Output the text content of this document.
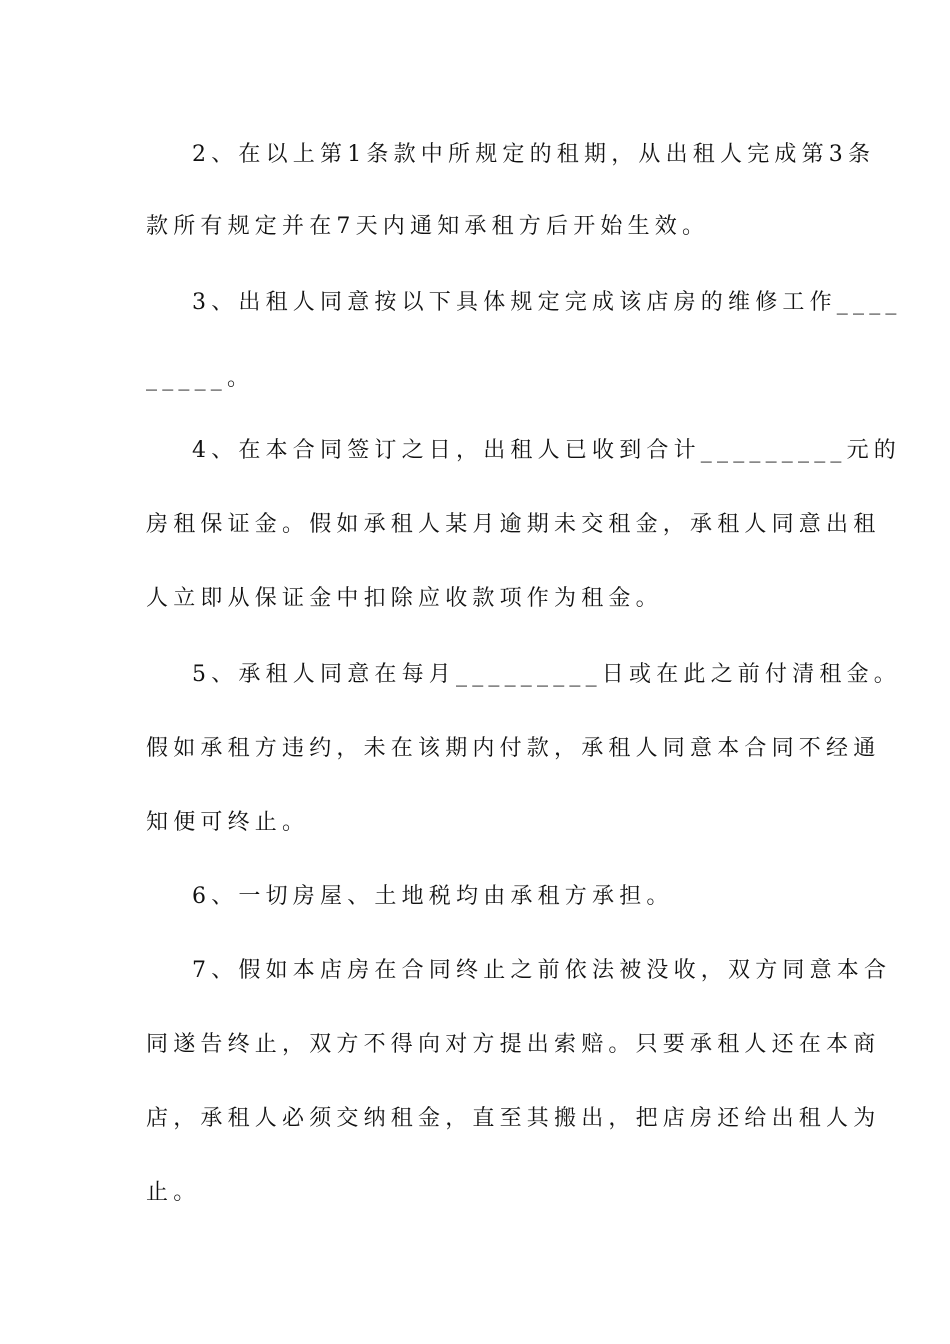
2、在以上第1条款中所规定的租期，从出租人完成第3条
款所有规定并在7天内通知承租方后开始生效。
3、出租人同意按以下具体规定完成该店房的维修工作____
_____。
4、在本合同签订之日，出租人已收到合计_________元的
房租保证金。假如承租人某月逾期未交租金，承租人同意出租
人立即从保证金中扣除应收款项作为租金。
5、承租人同意在每月_________日或在此之前付清租金。
假如承租方违约，未在该期内付款，承租人同意本合同不经通
知便可终止。
6、一切房屋、土地税均由承租方承担。
7、假如本店房在合同终止之前依法被没收，双方同意本合
同遂告终止，双方不得向对方提出索赔。只要承租人还在本商
店，承租人必须交纳租金，直至其搬出，把店房还给出租人为
止。
